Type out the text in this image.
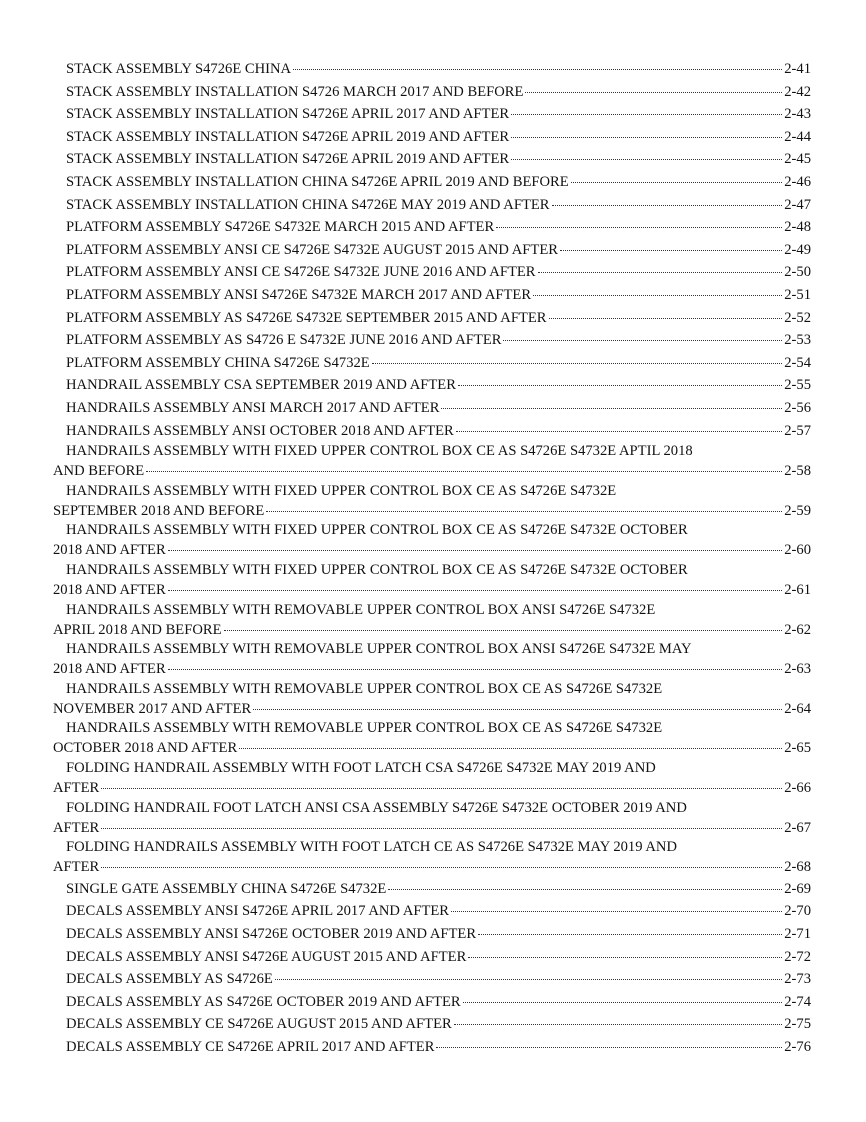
STACK ASSEMBLY S4726E CHINA	2-41
STACK ASSEMBLY INSTALLATION S4726 MARCH 2017 AND BEFORE	2-42
STACK ASSEMBLY INSTALLATION S4726E APRIL 2017 AND AFTER	2-43
STACK ASSEMBLY INSTALLATION S4726E APRIL 2019 AND AFTER	2-44
STACK ASSEMBLY INSTALLATION S4726E APRIL 2019 AND AFTER	2-45
STACK ASSEMBLY INSTALLATION CHINA S4726E APRIL 2019 AND BEFORE	2-46
STACK ASSEMBLY INSTALLATION CHINA S4726E MAY 2019 AND AFTER	2-47
PLATFORM ASSEMBLY S4726E S4732E MARCH 2015 AND AFTER	2-48
PLATFORM ASSEMBLY ANSI CE S4726E S4732E AUGUST 2015 AND AFTER	2-49
PLATFORM ASSEMBLY ANSI CE S4726E S4732E JUNE 2016 AND AFTER	2-50
PLATFORM ASSEMBLY ANSI S4726E S4732E MARCH 2017 AND AFTER	2-51
PLATFORM ASSEMBLY AS S4726E S4732E SEPTEMBER 2015 AND AFTER	2-52
PLATFORM ASSEMBLY AS S4726 E S4732E JUNE 2016 AND AFTER	2-53
PLATFORM ASSEMBLY CHINA S4726E S4732E	2-54
HANDRAIL ASSEMBLY CSA SEPTEMBER 2019 AND AFTER	2-55
HANDRAILS ASSEMBLY ANSI MARCH 2017 AND AFTER	2-56
HANDRAILS ASSEMBLY ANSI OCTOBER 2018 AND AFTER	2-57
HANDRAILS ASSEMBLY WITH FIXED UPPER CONTROL BOX CE AS S4726E S4732E APTIL 2018
AND BEFORE	2-58
HANDRAILS ASSEMBLY WITH FIXED UPPER CONTROL BOX CE AS S4726E S4732E
SEPTEMBER 2018 AND BEFORE	2-59
HANDRAILS ASSEMBLY WITH FIXED UPPER CONTROL BOX CE AS S4726E S4732E OCTOBER
2018 AND AFTER	2-60
HANDRAILS ASSEMBLY WITH FIXED UPPER CONTROL BOX CE AS S4726E S4732E OCTOBER
2018 AND AFTER	2-61
HANDRAILS ASSEMBLY WITH REMOVABLE UPPER CONTROL BOX ANSI S4726E S4732E
APRIL 2018 AND BEFORE	2-62
HANDRAILS ASSEMBLY WITH REMOVABLE UPPER CONTROL BOX ANSI S4726E S4732E MAY
2018 AND AFTER	2-63
HANDRAILS ASSEMBLY WITH REMOVABLE UPPER CONTROL BOX CE AS S4726E S4732E
NOVEMBER 2017 AND AFTER	2-64
HANDRAILS ASSEMBLY WITH REMOVABLE UPPER CONTROL BOX CE AS S4726E S4732E
OCTOBER 2018 AND AFTER	2-65
FOLDING HANDRAIL ASSEMBLY WITH FOOT LATCH CSA S4726E S4732E MAY 2019 AND
AFTER	2-66
FOLDING HANDRAIL FOOT LATCH ANSI CSA ASSEMBLY S4726E S4732E OCTOBER 2019 AND
AFTER	2-67
FOLDING HANDRAILS ASSEMBLY WITH FOOT LATCH CE AS S4726E S4732E MAY 2019 AND
AFTER	2-68
SINGLE GATE ASSEMBLY CHINA S4726E S4732E	2-69
DECALS ASSEMBLY ANSI S4726E APRIL 2017 AND AFTER	2-70
DECALS ASSEMBLY ANSI S4726E OCTOBER 2019 AND AFTER	2-71
DECALS ASSEMBLY ANSI S4726E AUGUST 2015 AND AFTER	2-72
DECALS ASSEMBLY AS S4726E	2-73
DECALS ASSEMBLY AS S4726E OCTOBER 2019 AND AFTER	2-74
DECALS ASSEMBLY CE S4726E AUGUST 2015 AND AFTER	2-75
DECALS ASSEMBLY CE S4726E APRIL 2017 AND AFTER	2-76
